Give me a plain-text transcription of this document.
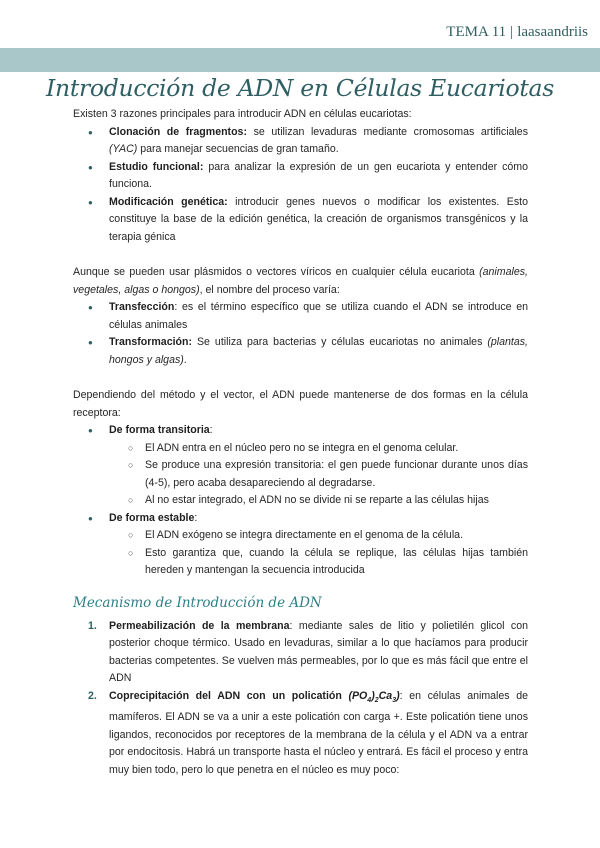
TEMA 11 | laasaandriis
Introducción de ADN en Células Eucariotas

Existen 3 razones principales para introducir ADN en células eucariotas:

● Clonación de fragmentos: se utilizan levaduras mediante cromosomas artificiales (YAC) para manejar secuencias de gran tamaño.
● Estudio funcional: para analizar la expresión de un gen eucariota y entender cómo funciona.
● Modificación genética: introducir genes nuevos o modificar los existentes. Esto constituye la base de la edición genética, la creación de organismos transgénicos y la terapia génica

Aunque se pueden usar plásmidos o vectores víricos en cualquier célula eucariota (animales, vegetales, algas o hongos), el nombre del proceso varía:

● Transfección: es el término específico que se utiliza cuando el ADN se introduce en células animales
● Transformación: Se utiliza para bacterias y células eucariotas no animales (plantas, hongos y algas).

Dependiendo del método y el vector, el ADN puede mantenerse de dos formas en la célula receptora:

● De forma transitoria:
○ El ADN entra en el núcleo pero no se integra en el genoma celular.
○ Se produce una expresión transitoria: el gen puede funcionar durante unos días (4-5), pero acaba desapareciendo al degradarse.
○ Al no estar integrado, el ADN no se divide ni se reparte a las células hijas
● De forma estable:
○ El ADN exógeno se integra directamente en el genoma de la célula.
○ Esto garantiza que, cuando la célula se replique, las células hijas también hereden y mantengan la secuencia introducida
Mecanismo de Introducción de ADN
1. Permeabilización de la membrana: mediante sales de litio y polietilén glicol con posterior choque térmico. Usado en levaduras, similar a lo que hacíamos para producir bacterias competentes. Se vuelven más permeables, por lo que es más fácil que entre el ADN
2. Coprecipitación del ADN con un policatión $(PO_4)_2Ca_3$): en células animales de mamíferos. El ADN se va a unir a este policatión con carga +. Este policatión tiene unos ligandos, reconocidos por receptores de la membrana de la célula y el ADN va a entrar por endocitosis. Habrá un transporte hasta el núcleo y entrará. Es fácil el proceso y entra muy bien todo, pero lo que penetra en el núcleo es muy poco:
